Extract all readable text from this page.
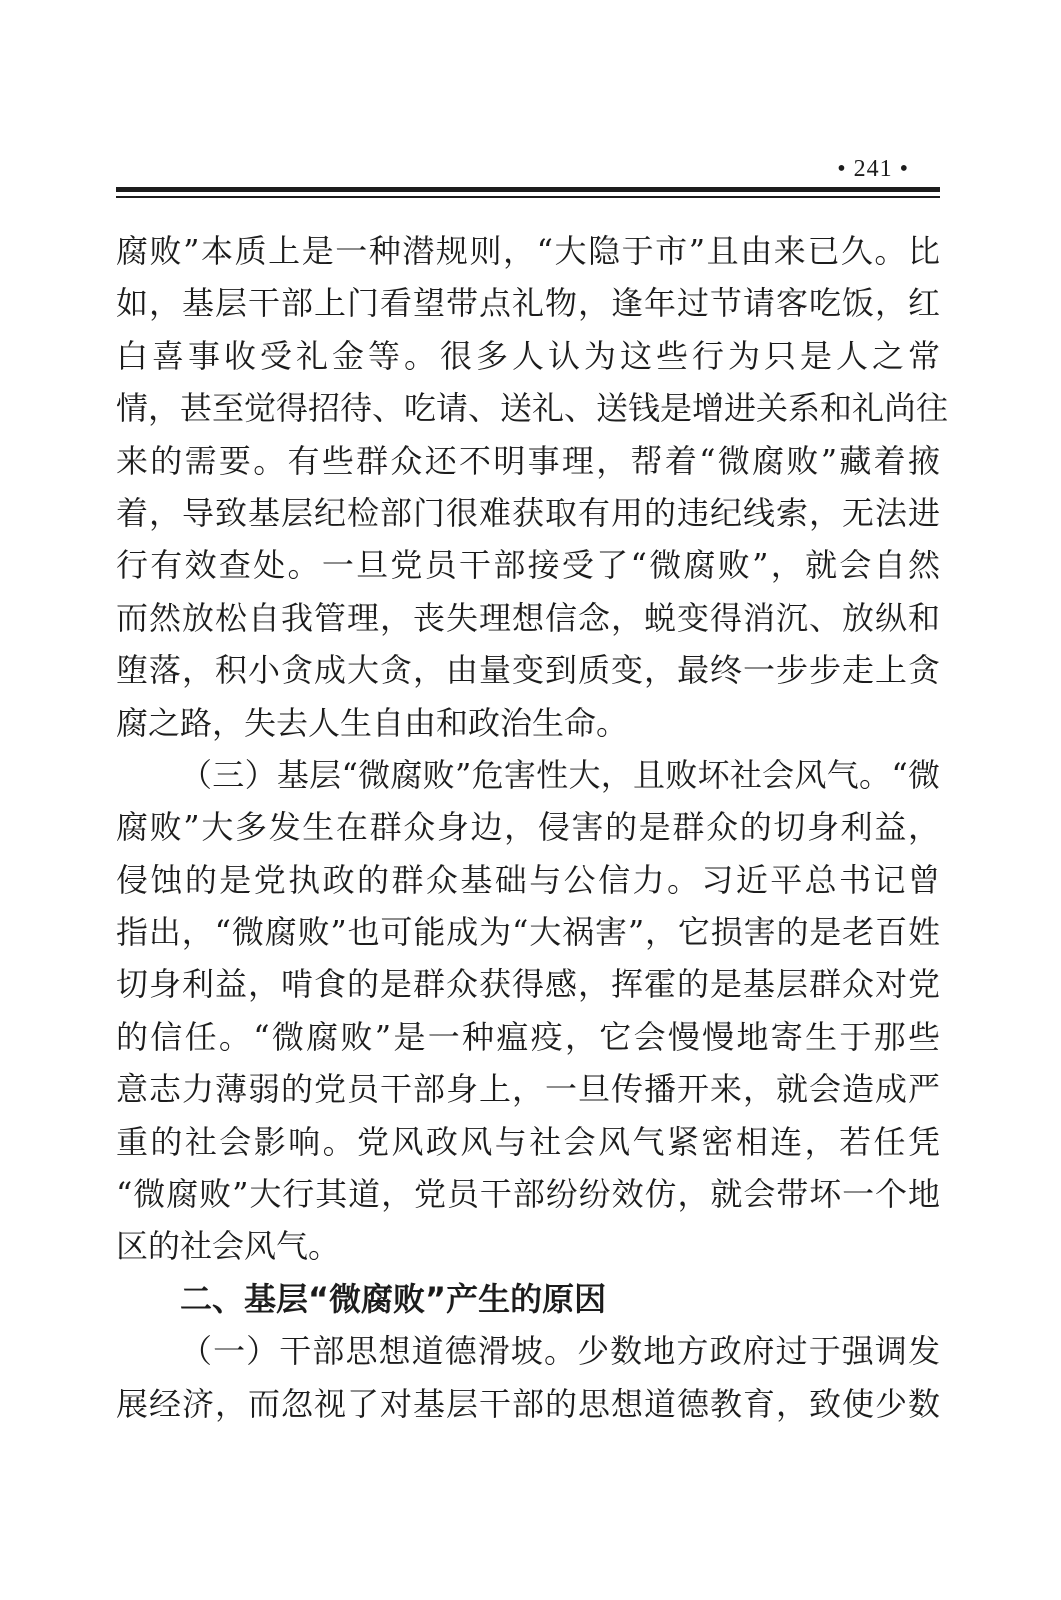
• 241 •
腐败”本质上是一种潜规则，“大隐于市”且由来已久。比
如，基层干部上门看望带点礼物，逢年过节请客吃饭，红
白喜事收受礼金等。很多人认为这些行为只是人之常
情，甚至觉得招待、吃请、送礼、送钱是增进关系和礼尚往
来的需要。有些群众还不明事理，帮着“微腐败”藏着掖
着，导致基层纪检部门很难获取有用的违纪线索，无法进
行有效查处。一旦党员干部接受了“微腐败”，就会自然
而然放松自我管理，丧失理想信念，蜕变得消沉、放纵和
堕落，积小贪成大贪，由量变到质变，最终一步步走上贪
腐之路，失去人生自由和政治生命。
（三）基层“微腐败”危害性大，且败坏社会风气。“微
腐败”大多发生在群众身边，侵害的是群众的切身利益，
侵蚀的是党执政的群众基础与公信力。习近平总书记曾
指出，“微腐败”也可能成为“大祸害”，它损害的是老百姓
切身利益，啃食的是群众获得感，挥霍的是基层群众对党
的信任。“微腐败”是一种瘟疫，它会慢慢地寄生于那些
意志力薄弱的党员干部身上，一旦传播开来，就会造成严
重的社会影响。党风政风与社会风气紧密相连，若任凭
“微腐败”大行其道，党员干部纷纷效仿，就会带坏一个地
区的社会风气。
二、基层“微腐败”产生的原因
（一）干部思想道德滑坡。少数地方政府过于强调发
展经济，而忽视了对基层干部的思想道德教育，致使少数
